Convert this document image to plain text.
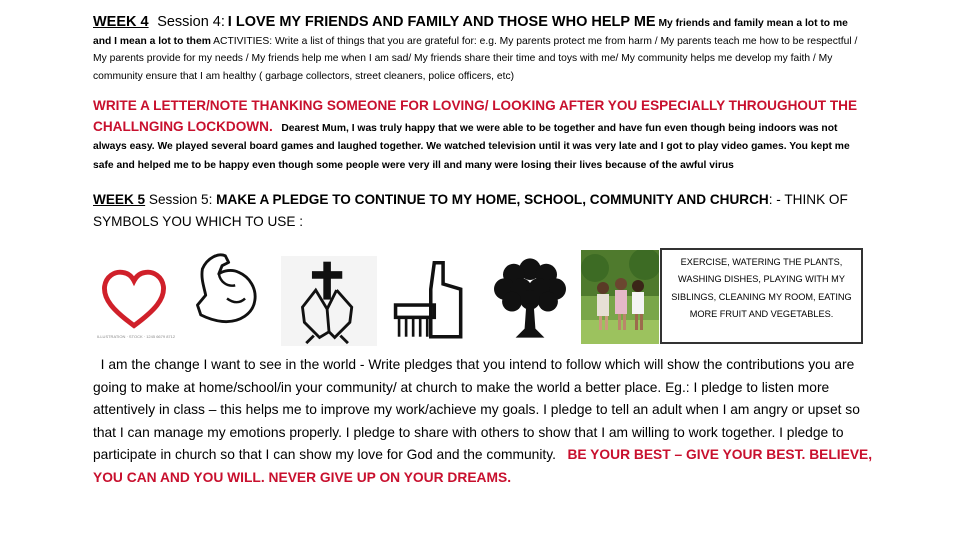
WEEK 4 Session 4: I LOVE MY FRIENDS AND FAMILY AND THOSE WHO HELP ME My friends and family mean a lot to me and I mean a lot to them ACTIVITIES: Write a list of things that you are grateful for: e.g. My parents protect me from harm / My parents teach me how to be respectful / My parents provide for my needs / My friends help me when I am sad/ My friends share their time and toys with me/ My community helps me develop my faith / My community ensure that I am healthy ( garbage collectors, street cleaners, police officers, etc)

WRITE A LETTER/NOTE THANKING SOMEONE FOR LOVING/ LOOKING AFTER YOU ESPECIALLY THROUGHOUT THE CHALLNGING LOCKDOWN. Dearest Mum, I was truly happy that we were able to be together and have fun even though being indoors was not always easy. We played several board games and laughed together. We watched television until it was very late and I got to play video games. You kept me safe and helped me to be happy even though some people were very ill and many were losing their lives because of the awful virus

WEEK 5 Session 5: MAKE A PLEDGE TO CONTINUE TO MY HOME, SCHOOL, COMMUNITY AND CHURCH: - THINK OF SYMBOLS YOU WHICH TO USE :

ILLUSTRATION · STOCK · 1245 6679 8712
EXERCISE, WATERING THE PLANTS, WASHING DISHES, PLAYING WITH MY SIBLINGS, CLEANING MY ROOM, EATING MORE FRUIT AND VEGETABLES.

I am the change I want to see in the world - Write pledges that you intend to follow which will show the contributions you are going to make at home/school/in your community/ at church to make the world a better place. Eg.: I pledge to listen more attentively in class – this helps me to improve my work/achieve my goals. I pledge to tell an adult when I am angry or upset so that I can manage my emotions properly. I pledge to share with others to show that I am willing to work together. I pledge to participate in church so that I can show my love for God and the community. BE YOUR BEST – GIVE YOUR BEST. BELIEVE, YOU CAN AND YOU WILL. NEVER GIVE UP ON YOUR DREAMS.
